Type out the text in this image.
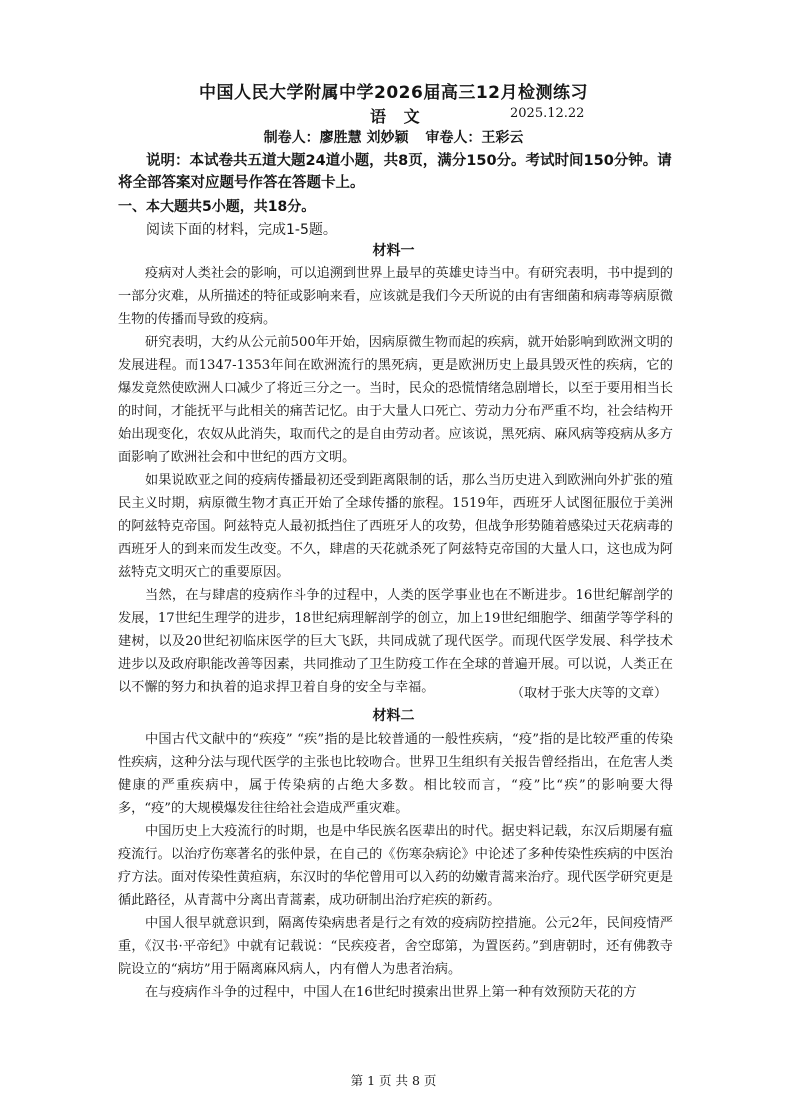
中国人民大学附属中学2026届高三12月检测练习
语 文	2025.12.22
制卷人：廖胜慧 刘妙颖 审卷人：王彩云
说明：本试卷共五道大题24道小题，共8页，满分150分。考试时间150分钟。请将全部答案对应题号作答在答题卡上。
一、本大题共5小题，共18分。
阅读下面的材料，完成1-5题。
材料一

疫病对人类社会的影响，可以追溯到世界上最早的英雄史诗当中。有研究表明，书中提到的一部分灾难，从所描述的特征或影响来看，应该就是我们今天所说的由有害细菌和病毒等病原微生物的传播而导致的疫病。

研究表明，大约从公元前500年开始，因病原微生物而起的疾病，就开始影响到欧洲文明的发展进程。而1347-1353年间在欧洲流行的黑死病，更是欧洲历史上最具毁灭性的疾病，它的爆发竟然使欧洲人口减少了将近三分之一。当时，民众的恐慌情绪急剧增长，以至于要用相当长的时间，才能抚平与此相关的痛苦记忆。由于大量人口死亡、劳动力分布严重不均，社会结构开始出现变化，农奴从此消失，取而代之的是自由劳动者。应该说，黑死病、麻风病等疫病从多方面影响了欧洲社会和中世纪的西方文明。

如果说欧亚之间的疫病传播最初还受到距离限制的话，那么当历史进入到欧洲向外扩张的殖民主义时期，病原微生物才真正开始了全球传播的旅程。1519年，西班牙人试图征服位于美洲的阿兹特克帝国。阿兹特克人最初抵挡住了西班牙人的攻势，但战争形势随着感染过天花病毒的西班牙人的到来而发生改变。不久，肆虐的天花就杀死了阿兹特克帝国的大量人口，这也成为阿兹特克文明灭亡的重要原因。

当然，在与肆虐的疫病作斗争的过程中，人类的医学事业也在不断进步。16世纪解剖学的发展，17世纪生理学的进步，18世纪病理解剖学的创立，加上19世纪细胞学、细菌学等学科的建树，以及20世纪初临床医学的巨大飞跃，共同成就了现代医学。而现代医学发展、科学技术进步以及政府职能改善等因素，共同推动了卫生防疫工作在全球的普遍开展。可以说，人类正在以不懈的努力和执着的追求捍卫着自身的安全与幸福。	（取材于张大庆等的文章）
材料二

中国古代文献中的“疾疫” “疾”指的是比较普通的一般性疾病，“疫”指的是比较严重的传染性疾病，这种分法与现代医学的主张也比较吻合。世界卫生组织有关报告曾经指出，在危害人类健康的严重疾病中，属于传染病的占绝大多数。相比较而言，“疫”比“疾”的影响要大得多，“疫”的大规模爆发往往给社会造成严重灾难。

中国历史上大疫流行的时期，也是中华民族名医辈出的时代。据史料记载，东汉后期屡有瘟疫流行。以治疗伤寒著名的张仲景，在自己的《伤寒杂病论》中论述了多种传染性疾病的中医治疗方法。面对传染性黄疸病，东汉时的华佗曾用可以入药的幼嫩青蒿来治疗。现代医学研究更是循此路径，从青蒿中分离出青蒿素，成功研制出治疗疟疾的新药。

中国人很早就意识到，隔离传染病患者是行之有效的疫病防控措施。公元2年，民间疫情严重，《汉书·平帝纪》中就有记载说：“民疾疫者，舍空邸第，为置医药。”到唐朝时，还有佛教寺院设立的“病坊”用于隔离麻风病人，内有僧人为患者治病。

在与疫病作斗争的过程中，中国人在16世纪时摸索出世界上第一种有效预防天花的方

第 1 页 共 8 页
